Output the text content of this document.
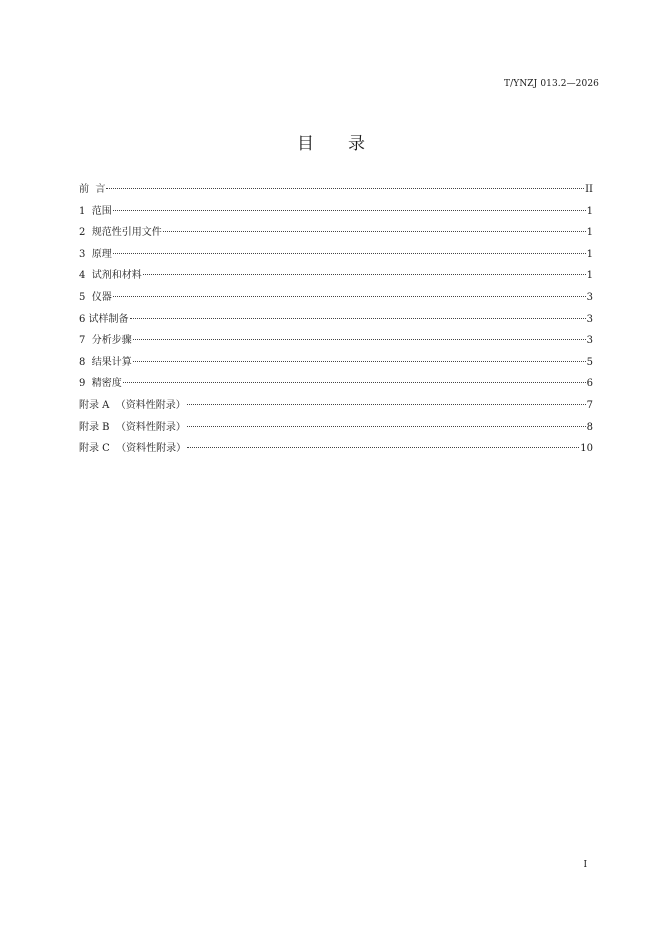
T/YNZJ 013.2—2026
目 录
前  言	II
1  范围	1
2  规范性引用文件	1
3  原理	1
4  试剂和材料	1
5  仪器	3
6 试样制备	3
7  分析步骤	3
8  结果计算	5
9  精密度	6
附录 A  （资料性附录）	7
附录 B  （资料性附录）	8
附录 C  （资料性附录）	10
I
